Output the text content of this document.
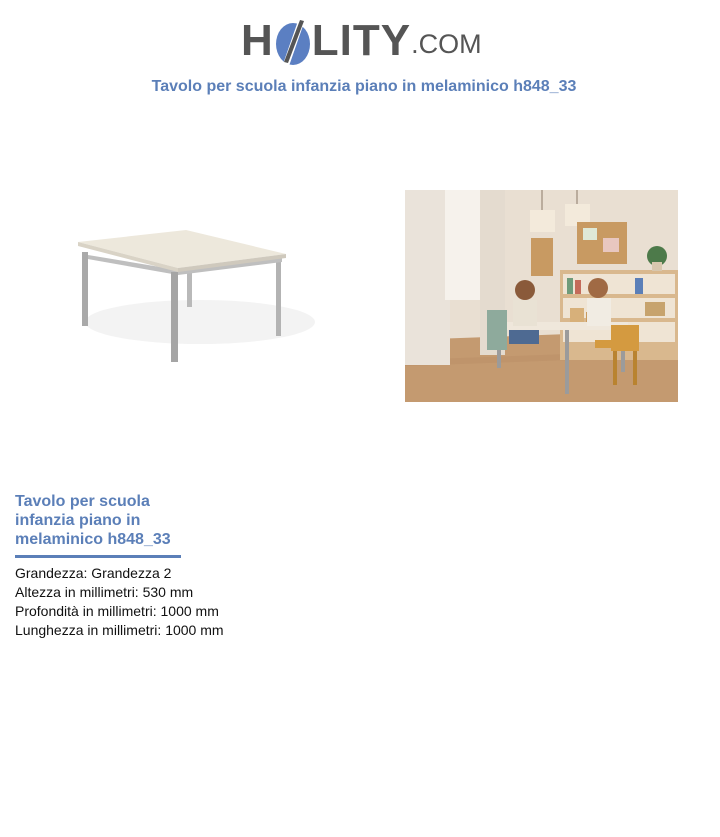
H LITY .COM
Tavolo per scuola infanzia piano in melaminico h848_33
Tavolo per scuola infanzia piano in melaminico h848_33
Grandezza: Grandezza 2
Altezza in millimetri: 530 mm
Profondità in millimetri: 1000 mm
Lunghezza in millimetri: 1000 mm
